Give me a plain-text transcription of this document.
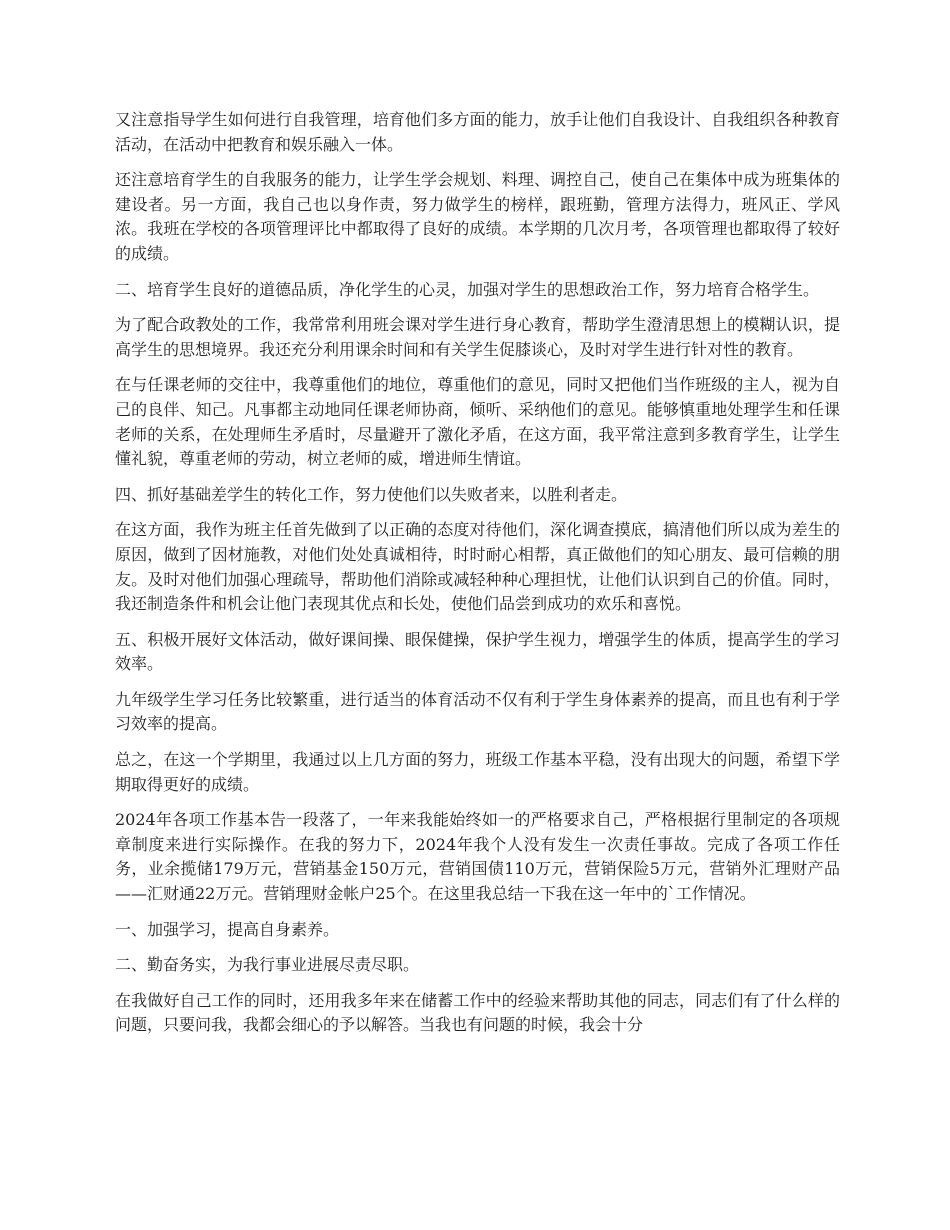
又注意指导学生如何进行自我管理，培育他们多方面的能力，放手让他们自我设计、自我组织各种教育活动，在活动中把教育和娱乐融入一体。

还注意培育学生的自我服务的能力，让学生学会规划、料理、调控自己，使自己在集体中成为班集体的建设者。另一方面，我自己也以身作责，努力做学生的榜样，跟班勤，管理方法得力，班风正、学风浓。我班在学校的各项管理评比中都取得了良好的成绩。本学期的几次月考，各项管理也都取得了较好的成绩。

二、培育学生良好的道德品质，净化学生的心灵，加强对学生的思想政治工作，努力培育合格学生。

为了配合政教处的工作，我常常利用班会课对学生进行身心教育，帮助学生澄清思想上的模糊认识，提高学生的思想境界。我还充分利用课余时间和有关学生促膝谈心，及时对学生进行针对性的教育。

在与任课老师的交往中，我尊重他们的地位，尊重他们的意见，同时又把他们当作班级的主人，视为自己的良伴、知己。凡事都主动地同任课老师协商，倾听、采纳他们的意见。能够慎重地处理学生和任课老师的关系，在处理师生矛盾时，尽量避开了激化矛盾，在这方面，我平常注意到多教育学生，让学生懂礼貌，尊重老师的劳动，树立老师的威，增进师生情谊。

四、抓好基础差学生的转化工作，努力使他们以失败者来，以胜利者走。

在这方面，我作为班主任首先做到了以正确的态度对待他们，深化调查摸底，搞清他们所以成为差生的原因，做到了因材施教，对他们处处真诚相待，时时耐心相帮，真正做他们的知心朋友、最可信赖的朋友。及时对他们加强心理疏导，帮助他们消除或减轻种种心理担忧，让他们认识到自己的价值。同时，我还制造条件和机会让他门表现其优点和长处，使他们品尝到成功的欢乐和喜悦。

五、积极开展好文体活动，做好课间操、眼保健操，保护学生视力，增强学生的体质，提高学生的学习效率。

九年级学生学习任务比较繁重，进行适当的体育活动不仅有利于学生身体素养的提高，而且也有利于学习效率的提高。

总之，在这一个学期里，我通过以上几方面的努力，班级工作基本平稳，没有出现大的问题，希望下学期取得更好的成绩。

2024年各项工作基本告一段落了，一年来我能始终如一的严格要求自己，严格根据行里制定的各项规章制度来进行实际操作。在我的努力下，2024年我个人没有发生一次责任事故。完成了各项工作任务，业余揽储179万元，营销基金150万元，营销国债110万元，营销保险5万元，营销外汇理财产品——汇财通22万元。营销理财金帐户25个。在这里我总结一下我在这一年中的`工作情况。

一、加强学习，提高自身素养。

二、勤奋务实，为我行事业进展尽责尽职。

在我做好自己工作的同时，还用我多年来在储蓄工作中的经验来帮助其他的同志，同志们有了什么样的问题，只要问我，我都会细心的予以解答。当我也有问题的时候，我会十分
